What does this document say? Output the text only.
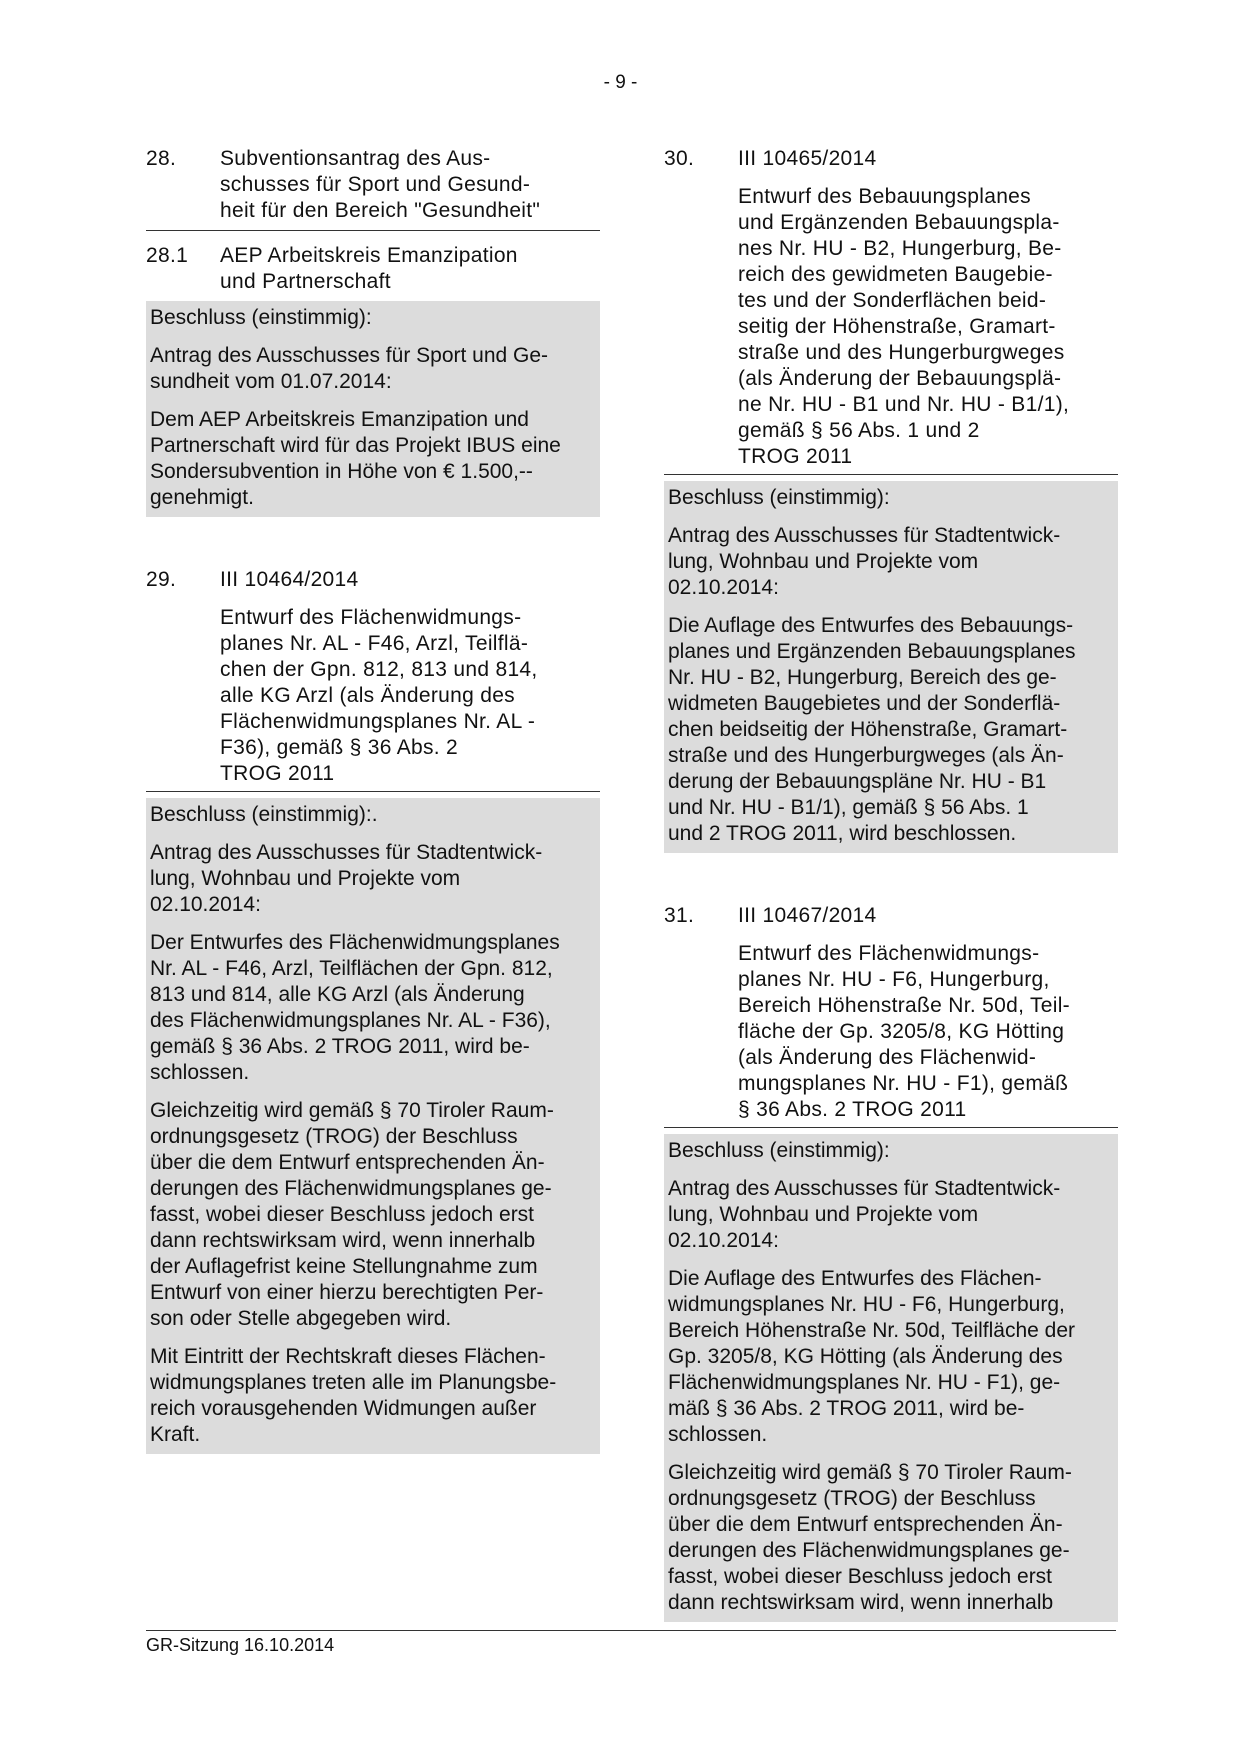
- 9 -
28.	Subventionsantrag des Aus-
schusses für Sport und Gesund-
heit für den Bereich "Gesundheit"
28.1	AEP Arbeitskreis Emanzipation
und Partnerschaft

Beschluss (einstimmig):

Antrag des Ausschusses für Sport und Ge-
sundheit vom 01.07.2014:

Dem AEP Arbeitskreis Emanzipation und
Partnerschaft wird für das Projekt IBUS eine
Sondersubvention in Höhe von € 1.500,--
genehmigt.

29.	III 10464/2014
Entwurf des Flächenwidmungs-
planes Nr. AL - F46, Arzl, Teilflä-
chen der Gpn. 812, 813 und 814,
alle KG Arzl (als Änderung des
Flächenwidmungsplanes Nr. AL -
F36), gemäß § 36 Abs. 2
TROG 2011

Beschluss (einstimmig):.

Antrag des Ausschusses für Stadtentwick-
lung, Wohnbau und Projekte vom
02.10.2014:

Der Entwurfes des Flächenwidmungsplanes
Nr. AL - F46, Arzl, Teilflächen der Gpn. 812,
813 und 814, alle KG Arzl (als Änderung
des Flächenwidmungsplanes Nr. AL - F36),
gemäß § 36 Abs. 2 TROG 2011, wird be-
schlossen.

Gleichzeitig wird gemäß § 70 Tiroler Raum-
ordnungsgesetz (TROG) der Beschluss
über die dem Entwurf entsprechenden Än-
derungen des Flächenwidmungsplanes ge-
fasst, wobei dieser Beschluss jedoch erst
dann rechtswirksam wird, wenn innerhalb
der Auflagefrist keine Stellungnahme zum
Entwurf von einer hierzu berechtigten Per-
son oder Stelle abgegeben wird.

Mit Eintritt der Rechtskraft dieses Flächen-
widmungsplanes treten alle im Planungsbe-
reich vorausgehenden Widmungen außer
Kraft.

30.	III 10465/2014
Entwurf des Bebauungsplanes
und Ergänzenden Bebauungspla-
nes Nr. HU - B2, Hungerburg, Be-
reich des gewidmeten Baugebie-
tes und der Sonderflächen beid-
seitig der Höhenstraße, Gramart-
straße und des Hungerburgweges
(als Änderung der Bebauungsplä-
ne Nr. HU - B1 und Nr. HU - B1/1),
gemäß § 56 Abs. 1 und 2
TROG 2011

Beschluss (einstimmig):

Antrag des Ausschusses für Stadtentwick-
lung, Wohnbau und Projekte vom
02.10.2014:

Die Auflage des Entwurfes des Bebauungs-
planes und Ergänzenden Bebauungsplanes
Nr. HU - B2, Hungerburg, Bereich des ge-
widmeten Baugebietes und der Sonderflä-
chen beidseitig der Höhenstraße, Gramart-
straße und des Hungerburgweges (als Än-
derung der Bebauungspläne Nr. HU - B1
und Nr. HU - B1/1), gemäß § 56 Abs. 1
und 2 TROG 2011, wird beschlossen.

31.	III 10467/2014
Entwurf des Flächenwidmungs-
planes Nr. HU - F6, Hungerburg,
Bereich Höhenstraße Nr. 50d, Teil-
fläche der Gp. 3205/8, KG Hötting
(als Änderung des Flächenwid-
mungsplanes Nr. HU - F1), gemäß
§ 36 Abs. 2 TROG 2011

Beschluss (einstimmig):

Antrag des Ausschusses für Stadtentwick-
lung, Wohnbau und Projekte vom
02.10.2014:

Die Auflage des Entwurfes des Flächen-
widmungsplanes Nr. HU - F6, Hungerburg,
Bereich Höhenstraße Nr. 50d, Teilfläche der
Gp. 3205/8, KG Hötting (als Änderung des
Flächenwidmungsplanes Nr. HU - F1), ge-
mäß § 36 Abs. 2 TROG 2011, wird be-
schlossen.

Gleichzeitig wird gemäß § 70 Tiroler Raum-
ordnungsgesetz (TROG) der Beschluss
über die dem Entwurf entsprechenden Än-
derungen des Flächenwidmungsplanes ge-
fasst, wobei dieser Beschluss jedoch erst
dann rechtswirksam wird, wenn innerhalb

GR-Sitzung 16.10.2014
